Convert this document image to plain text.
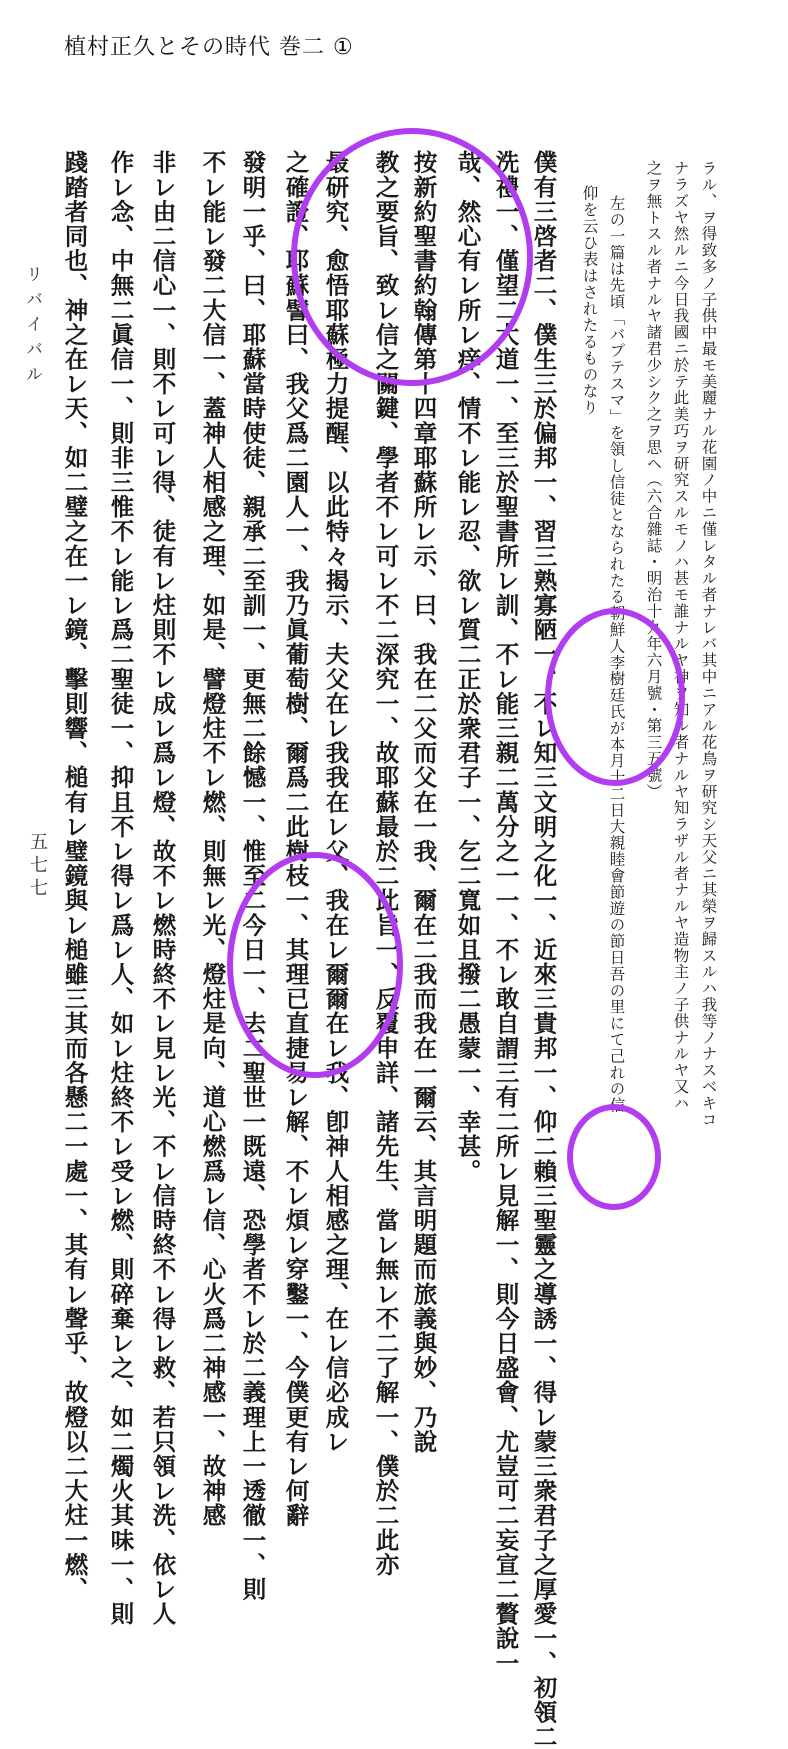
植村正久とその時代 巻二 ①
ラル、ヲ得致多ノ子供中最モ美麗ナル花園ノ中ニ僅レタル者ナレバ其中ニアル花鳥ヲ研究シ天父ニ其榮ヲ歸スルハ我等ノナスベキコ
ナラズヤ然ルニ今日我國ニ於テ此美巧ヲ研究スルモノハ甚モ誰ナルヤ神ヲ知ル者ナルヤ知ラザル者ナルヤ造物主ノ子供ナルヤ又ハ
之ヲ無トスル者ナルヤ諸君少シク之ヲ思ヘ（六合雜誌・明治十九年六月號・第三五號）
左の一篇は先頃「バプテスマ」を領し信徒となられたる朝鮮人李樹廷氏が本月十二日大親睦會節遊の節日吾の里にて己れの信
仰を云ひ表はされたるものなり
僕有三啓者二、僕生三於偏邦一、習三熟寡陋一、不レ知三文明之化一、近來三貴邦一、仰二賴三聖靈之導誘一、得レ蒙三衆君子之厚愛一、初領二
洗禮一、僅望二大道一、至三於聖書所レ訓、不レ能三親二萬分之一一、不レ敢自謂三有二所レ見解一、則今日盛會、尤豈可二妄宣二贅說一
哉、然心有レ所レ痒、情不レ能レ忍、欲レ質二正於衆君子一、乞二寬如且撥二愚蒙一、幸甚。
按新約聖書約翰傳第十四章耶蘇所レ示、曰、我在二父而父在一我、爾在二我而我在一爾云、其言明題而旅義與妙、乃說
教之要旨、致レ信之關鍵、學者不レ可レ不二深究一、故耶蘇最於二此旨一、反覆申詳、諸先生、當レ無レ不二了解一、僕於二此亦
最研究、愈悟耶蘇極力提醒、以此特々揭示、夫父在レ我我在レ父、我在レ爾爾在レ我、卽神人相感之理、在レ信必成レ
之確證、耶蘇譬曰、我父爲二園人一、我乃眞葡萄樹、爾爲二此樹枝一、其理已直捷易レ解、不レ煩レ穿鑿一、今僕更有レ何辭
發明一乎、曰、耶蘇當時使徒、親承二至訓一、更無二餘憾一、惟至二今日一、去二聖世一既遠、恐學者不レ於二義理上一透徹一、則
不レ能レ發二大信一、蓋神人相感之理、如是、譬燈炷不レ燃、則無レ光、燈炷是向、道心燃爲レ信、心火爲二神感一、故神感
非レ由二信心一、則不レ可レ得、徒有レ炷則不レ成レ爲レ燈、故不レ燃時終不レ見レ光、不レ信時終不レ得レ救、若只領レ洗、依レ人
作レ念、中無二眞信一、則非三惟不レ能レ爲二聖徒一、抑且不レ得レ爲レ人、如レ炷終不レ受レ燃、則碎棄レ之、如二燭火其味一、則
踐踏者同也、神之在レ天、如二璧之在一レ鏡、擊則響、槌有レ璧鏡與レ槌雖三其而各懸二一處一、其有レ聲乎、故燈以二大炷一燃、
リバイバル
五七七
